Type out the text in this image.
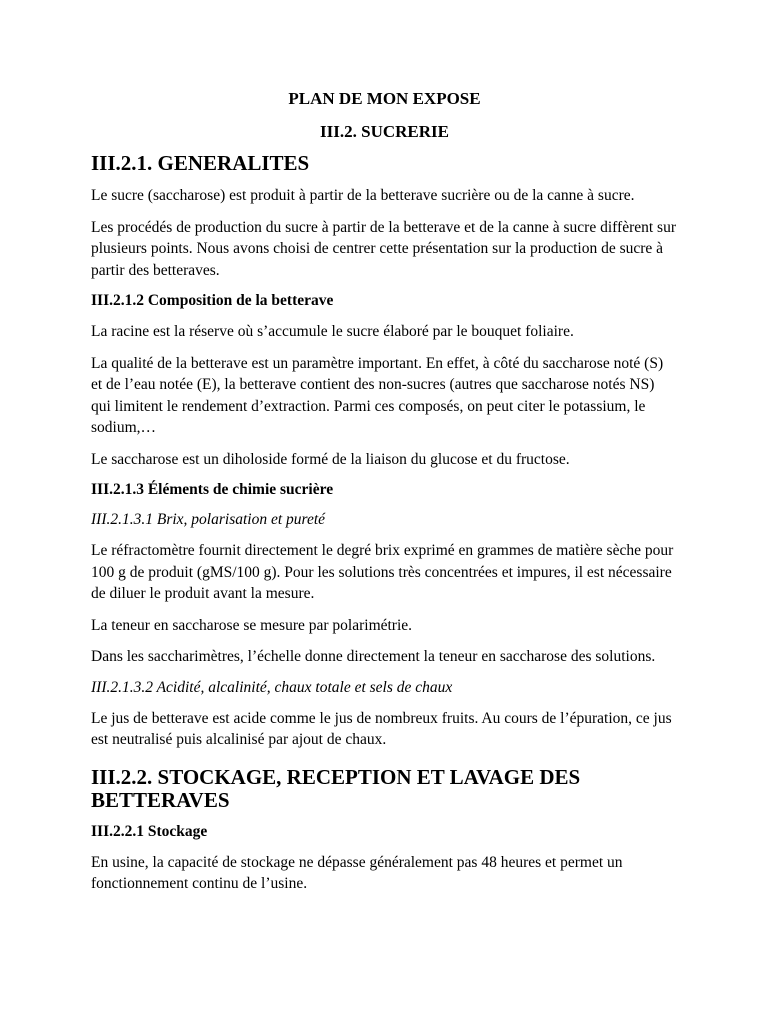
PLAN DE MON EXPOSE
III.2. SUCRERIE
III.2.1. GENERALITES

Le sucre (saccharose) est produit à partir de la betterave sucrière ou de la canne à sucre.

Les procédés de production du sucre à partir de la betterave et de la canne à sucre diffèrent sur plusieurs points. Nous avons choisi de centrer cette présentation sur la production de sucre à partir des betteraves.

III.2.1.2 Composition de la betterave

La racine est la réserve où s’accumule le sucre élaboré par le bouquet foliaire.

La qualité de la betterave est un paramètre important. En effet, à côté du saccharose noté (S) et de l’eau notée (E), la betterave contient des non-sucres (autres que saccharose notés NS) qui limitent le rendement d’extraction. Parmi ces composés, on peut citer le potassium, le sodium,…

Le saccharose est un diholoside formé de la liaison du glucose et du fructose.

III.2.1.3 Éléments de chimie sucrière
III.2.1.3.1 Brix, polarisation et pureté

Le réfractomètre fournit directement le degré brix exprimé en grammes de matière sèche pour 100 g de produit (gMS/100 g). Pour les solutions très concentrées et impures, il est nécessaire de diluer le produit avant la mesure.

La teneur en saccharose se mesure par polarimétrie.

Dans les saccharimètres, l’échelle donne directement la teneur en saccharose des solutions.

III.2.1.3.2 Acidité, alcalinité, chaux totale et sels de chaux

Le jus de betterave est acide comme le jus de nombreux fruits. Au cours de l’épuration, ce jus est neutralisé puis alcalinisé par ajout de chaux.

III.2.2. STOCKAGE, RECEPTION ET LAVAGE DES BETTERAVES
III.2.2.1 Stockage

En usine, la capacité de stockage ne dépasse généralement pas 48 heures et permet un fonctionnement continu de l’usine.
